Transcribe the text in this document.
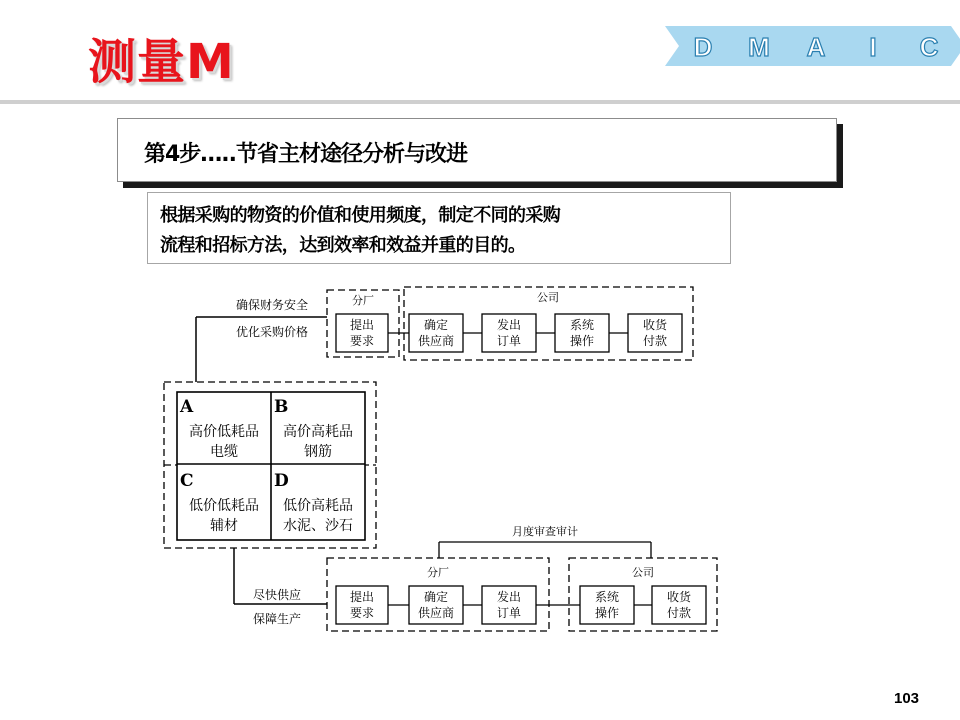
测量M	D M A I C
第4步…..节省主材途径分析与改进
根据采购的物资的价值和使用频度，制定不同的采购
流程和招标方法，达到效率和效益并重的目的。
确保财务安全
优化采购价格
分厂	公司
提出
要求
确定
供应商
发出
订单
系统
操作
收货
付款
A
高价低耗品
电缆
B
高价高耗品
钢筋
C
低价低耗品
辅材
D
低价高耗品
水泥、沙石
尽快供应
保障生产
月度审查审计
分厂	公司
提出
要求
确定
供应商
发出
订单
系统
操作
收货
付款
103
